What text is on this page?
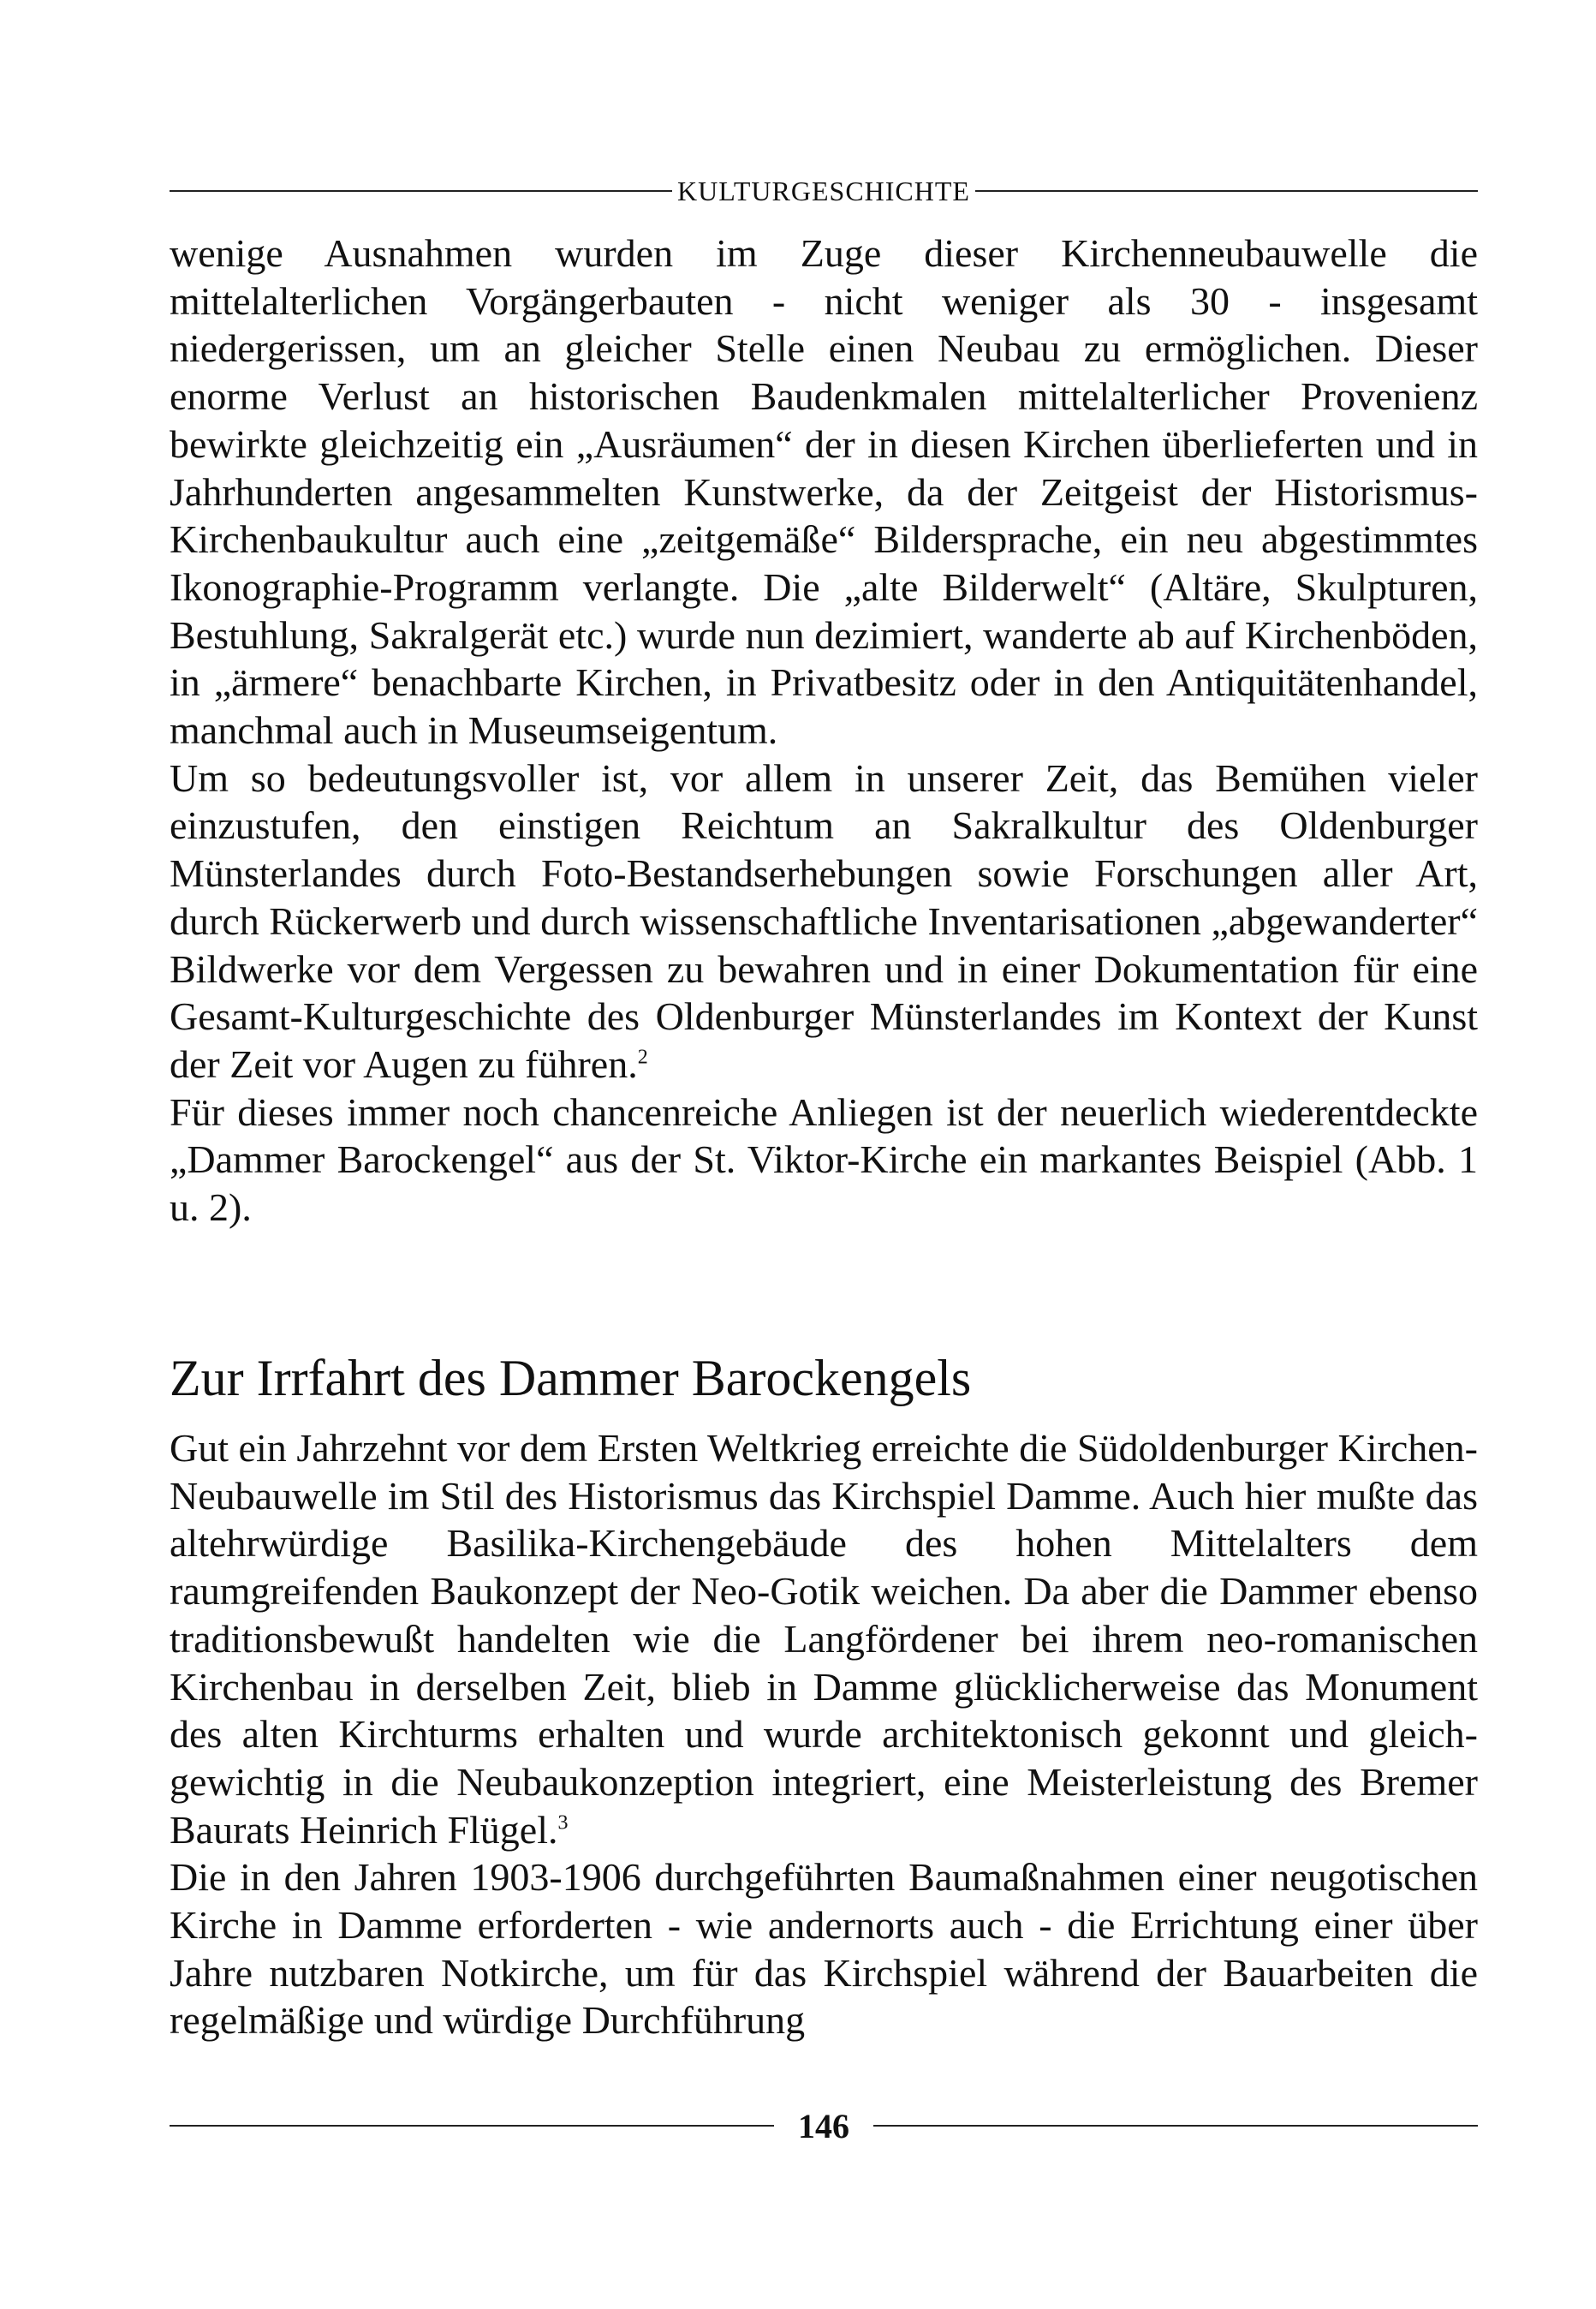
KULTURGESCHICHTE

wenige Ausnahmen wurden im Zuge dieser Kirchenneubauwelle die mittelalterlichen Vorgängerbauten - nicht weniger als 30 - insgesamt niedergerissen, um an gleicher Stelle einen Neubau zu ermöglichen. Dieser enorme Verlust an historischen Baudenkmalen mittelalterlicher Provenienz bewirkte gleichzeitig ein „Ausräumen“ der in diesen Kirchen überlieferten und in Jahrhunderten angesammelten Kunstwerke, da der Zeitgeist der Historismus-Kirchenbaukultur auch eine „zeitgemäße“ Bildersprache, ein neu abgestimmtes Ikonographie-Programm verlangte. Die „alte Bilderwelt“ (Altäre, Skulpturen, Bestuhlung, Sakralgerät etc.) wurde nun dezimiert, wanderte ab auf Kirchenböden, in „ärmere“ benachbarte Kirchen, in Privatbesitz oder in den Antiquitätenhandel, manchmal auch in Museumseigentum.

Um so bedeutungsvoller ist, vor allem in unserer Zeit, das Bemühen vieler einzustufen, den einstigen Reichtum an Sakralkultur des Oldenburger Münsterlandes durch Foto-Bestandserhebungen sowie Forschungen aller Art, durch Rückerwerb und durch wissenschaftliche Inventarisationen „abgewanderter“ Bildwerke vor dem Vergessen zu bewahren und in einer Dokumentation für eine Gesamt-Kulturgeschichte des Oldenburger Münsterlandes im Kontext der Kunst der Zeit vor Augen zu führen.$^2$

Für dieses immer noch chancenreiche Anliegen ist der neuerlich wiederentdeckte „Dammer Barockengel“ aus der St. Viktor-Kirche ein markantes Beispiel (Abb. 1 u. 2).

Zur Irrfahrt des Dammer Barockengels

Gut ein Jahrzehnt vor dem Ersten Weltkrieg erreichte die Südoldenburger Kirchen-Neubauwelle im Stil des Historismus das Kirchspiel Damme. Auch hier mußte das altehrwürdige Basilika-Kirchengebäude des hohen Mittelalters dem raumgreifenden Baukonzept der Neo-Gotik weichen. Da aber die Dammer ebenso traditionsbewußt handelten wie die Langfördener bei ihrem neo-romanischen Kirchenbau in derselben Zeit, blieb in Damme glücklicherweise das Monument des alten Kirchturms erhalten und wurde architektonisch gekonnt und gleichgewichtig in die Neubaukonzeption integriert, eine Meisterleistung des Bremer Baurats Heinrich Flügel.$^3$

Die in den Jahren 1903-1906 durchgeführten Baumaßnahmen einer neugotischen Kirche in Damme erforderten - wie andernorts auch - die Errichtung einer über Jahre nutzbaren Notkirche, um für das Kirchspiel während der Bauarbeiten die regelmäßige und würdige Durchführung

146
